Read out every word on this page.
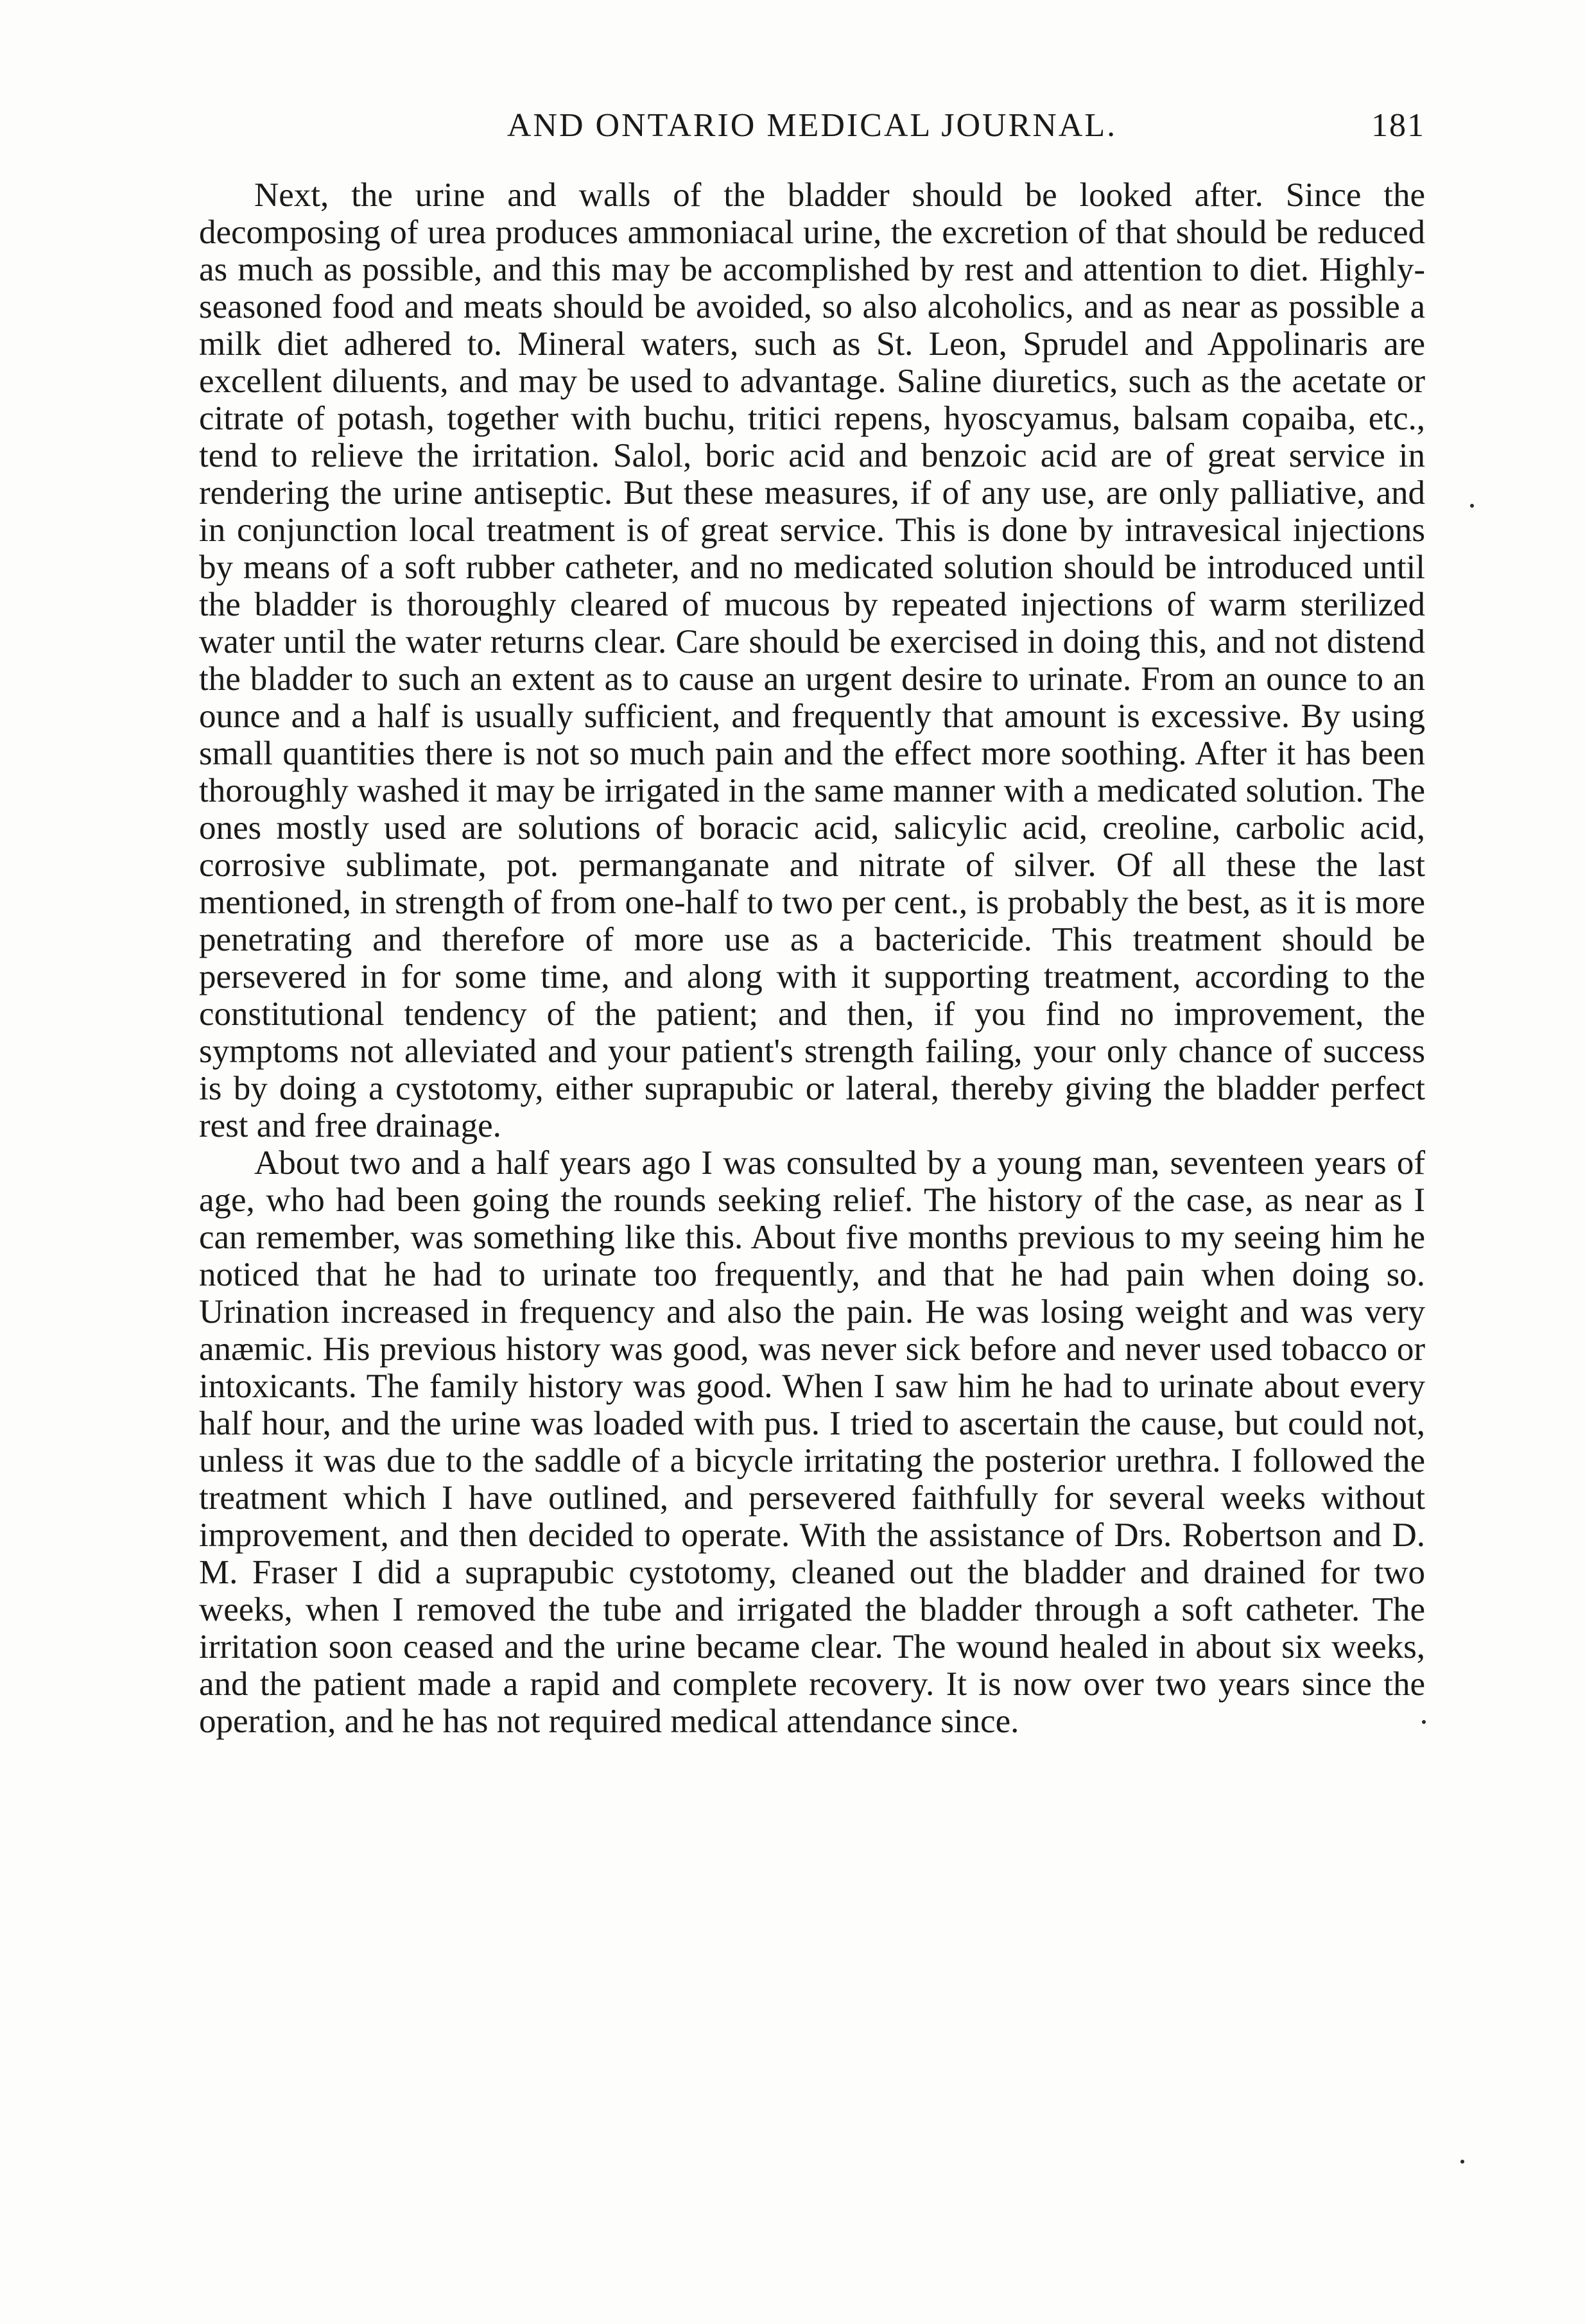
AND ONTARIO MEDICAL JOURNAL.	181

Next, the urine and walls of the bladder should be looked after. Since the decomposing of urea produces ammoniacal urine, the excretion of that should be reduced as much as possible, and this may be accomplished by rest and attention to diet. Highly-seasoned food and meats should be avoided, so also alcoholics, and as near as possible a milk diet adhered to. Mineral waters, such as St. Leon, Sprudel and Appolinaris are excellent diluents, and may be used to advantage. Saline diuretics, such as the acetate or citrate of potash, together with buchu, tritici repens, hyoscyamus, balsam copaiba, etc., tend to relieve the irritation. Salol, boric acid and benzoic acid are of great service in rendering the urine antiseptic. But these measures, if of any use, are only palliative, and in conjunction local treatment is of great service. This is done by intravesical injections by means of a soft rubber catheter, and no medicated solution should be introduced until the bladder is thoroughly cleared of mucous by repeated injections of warm sterilized water until the water returns clear. Care should be exercised in doing this, and not distend the bladder to such an extent as to cause an urgent desire to urinate. From an ounce to an ounce and a half is usually sufficient, and frequently that amount is excessive. By using small quantities there is not so much pain and the effect more soothing. After it has been thoroughly washed it may be irrigated in the same manner with a medicated solution. The ones mostly used are solutions of boracic acid, salicylic acid, creoline, carbolic acid, corrosive sublimate, pot. permanganate and nitrate of silver. Of all these the last mentioned, in strength of from one-half to two per cent., is probably the best, as it is more penetrating and therefore of more use as a bactericide. This treatment should be persevered in for some time, and along with it supporting treatment, according to the constitutional tendency of the patient; and then, if you find no improvement, the symptoms not alleviated and your patient's strength failing, your only chance of success is by doing a cystotomy, either suprapubic or lateral, thereby giving the bladder perfect rest and free drainage.

About two and a half years ago I was consulted by a young man, seventeen years of age, who had been going the rounds seeking relief. The history of the case, as near as I can remember, was something like this. About five months previous to my seeing him he noticed that he had to urinate too frequently, and that he had pain when doing so. Urination increased in frequency and also the pain. He was losing weight and was very anæmic. His previous history was good, was never sick before and never used tobacco or intoxicants. The family history was good. When I saw him he had to urinate about every half hour, and the urine was loaded with pus. I tried to ascertain the cause, but could not, unless it was due to the saddle of a bicycle irritating the posterior urethra. I followed the treatment which I have outlined, and persevered faithfully for several weeks without improvement, and then decided to operate. With the assistance of Drs. Robertson and D. M. Fraser I did a suprapubic cystotomy, cleaned out the bladder and drained for two weeks, when I removed the tube and irrigated the bladder through a soft catheter. The irritation soon ceased and the urine became clear. The wound healed in about six weeks, and the patient made a rapid and complete recovery. It is now over two years since the operation, and he has not required medical attendance since.
